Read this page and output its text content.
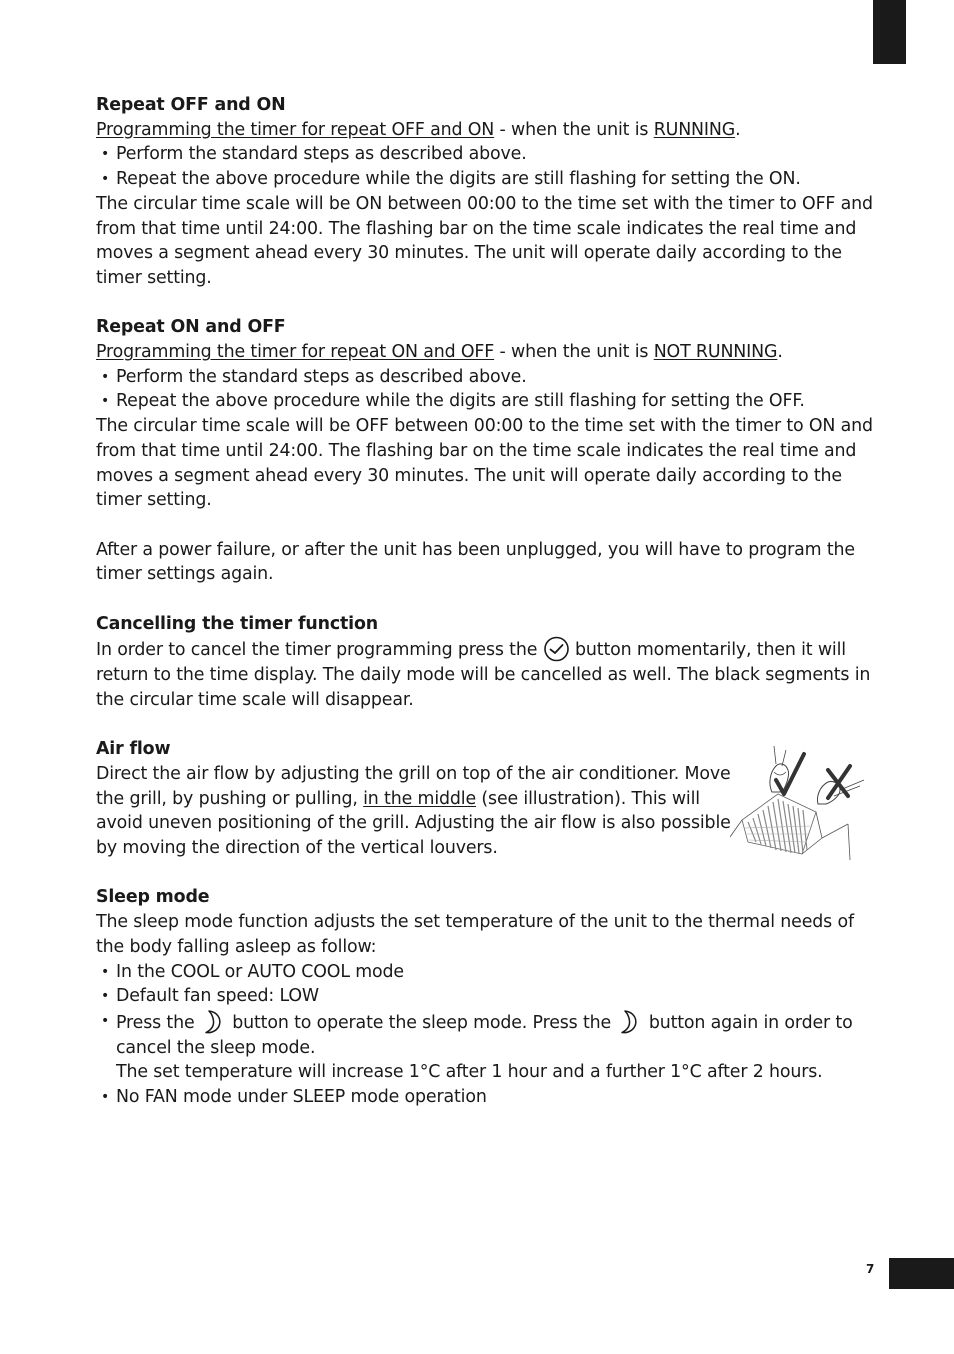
7
Repeat OFF and ON
Programming the timer for repeat OFF and ON - when the unit is RUNNING.
• Perform the standard steps as described above.
• Repeat the above procedure while the digits are still flashing for setting the ON.
The circular time scale will be ON between 00:00 to the time set with the timer to OFF and from that time until 24:00. The flashing bar on the time scale indicates the real time and moves a segment ahead every 30 minutes. The unit will operate daily according to the timer setting.
Repeat ON and OFF
Programming the timer for repeat ON and OFF - when the unit is NOT RUNNING.
• Perform the standard steps as described above.
• Repeat the above procedure while the digits are still flashing for setting the OFF.
The circular time scale will be OFF between 00:00 to the time set with the timer to ON and from that time until 24:00. The flashing bar on the time scale indicates the real time and moves a segment ahead every 30 minutes. The unit will operate daily according to the timer setting.
After a power failure, or after the unit has been unplugged, you will have to program the timer settings again.
Cancelling the timer function
In order to cancel the timer programming press the  button momentarily, then it will return to the time display. The daily mode will be cancelled as well. The black segments in the circular time scale will disappear.
Air flow
Direct the air flow by adjusting the grill on top of the air conditioner. Move the grill, by pushing or pulling, in the middle (see illustration). This will avoid uneven positioning of the grill. Adjusting the air flow is also possible by moving the direction of the vertical louvers.
Sleep mode
The sleep mode function adjusts the set temperature of the unit to the thermal needs of the body falling asleep as follow:
• In the COOL or AUTO COOL mode
• Default fan speed: LOW
• Press the  button to operate the sleep mode. Press the  button again in order to cancel the sleep mode.
The set temperature will increase 1°C after 1 hour and a further 1°C after 2 hours.
• No FAN mode under SLEEP mode operation
